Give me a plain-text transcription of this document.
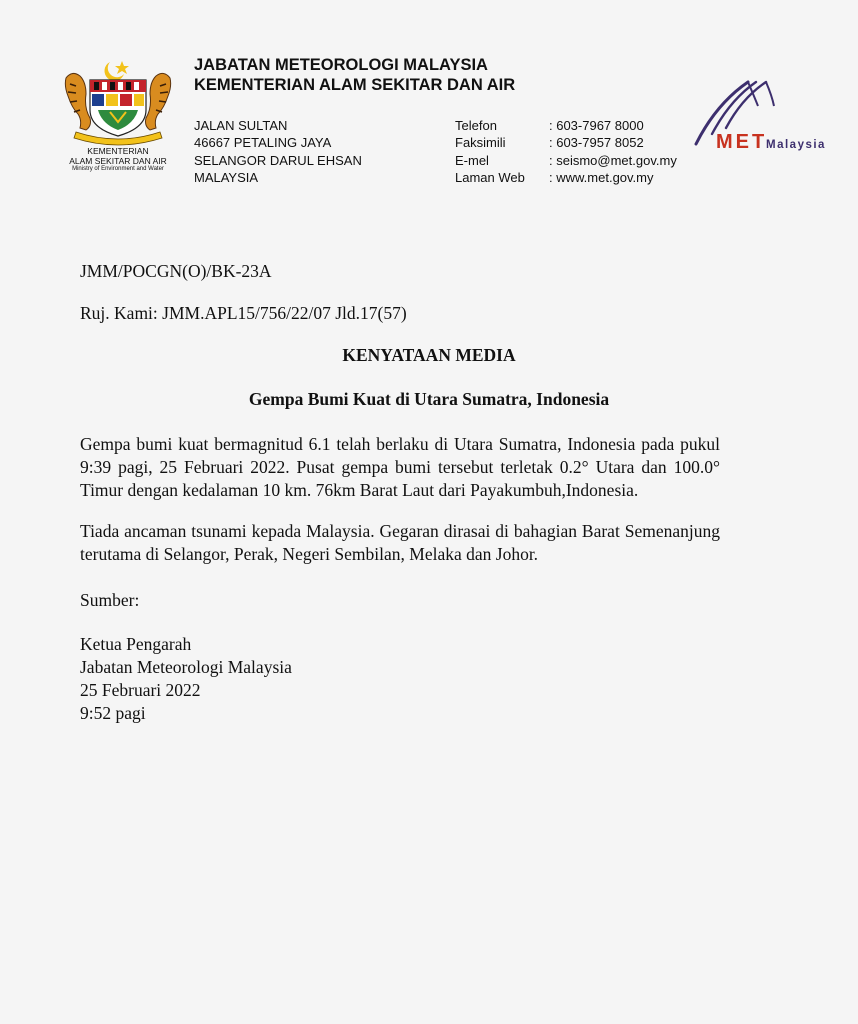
KEMENTERIAN
ALAM SEKITAR DAN AIR
Ministry of Environment and Water
JABATAN METEOROLOGI MALAYSIA
KEMENTERIAN ALAM SEKITAR DAN AIR
JALAN SULTAN
46667 PETALING JAYA
SELANGOR DARUL EHSAN
MALAYSIA
Telefon	: 603-7967 8000
Faksimili	: 603-7957 8052
E-mel	: seismo@met.gov.my
Laman Web : www.met.gov.my
MET
Malaysia
JMM/POCGN(O)/BK-23A
Ruj. Kami: JMM.APL15/756/22/07 Jld.17(57)
KENYATAAN MEDIA
Gempa Bumi Kuat di Utara Sumatra, Indonesia

Gempa bumi kuat bermagnitud 6.1 telah berlaku di Utara Sumatra, Indonesia pada pukul 9:39 pagi, 25 Februari 2022. Pusat gempa bumi tersebut terletak 0.2° Utara dan 100.0° Timur dengan kedalaman 10 km. 76km Barat Laut dari Payakumbuh,Indonesia.

Tiada ancaman tsunami kepada Malaysia. Gegaran dirasai di bahagian Barat Semenanjung terutama di Selangor, Perak, Negeri Sembilan, Melaka dan Johor.

Sumber:
Ketua Pengarah
Jabatan Meteorologi Malaysia
25 Februari 2022
9:52 pagi
